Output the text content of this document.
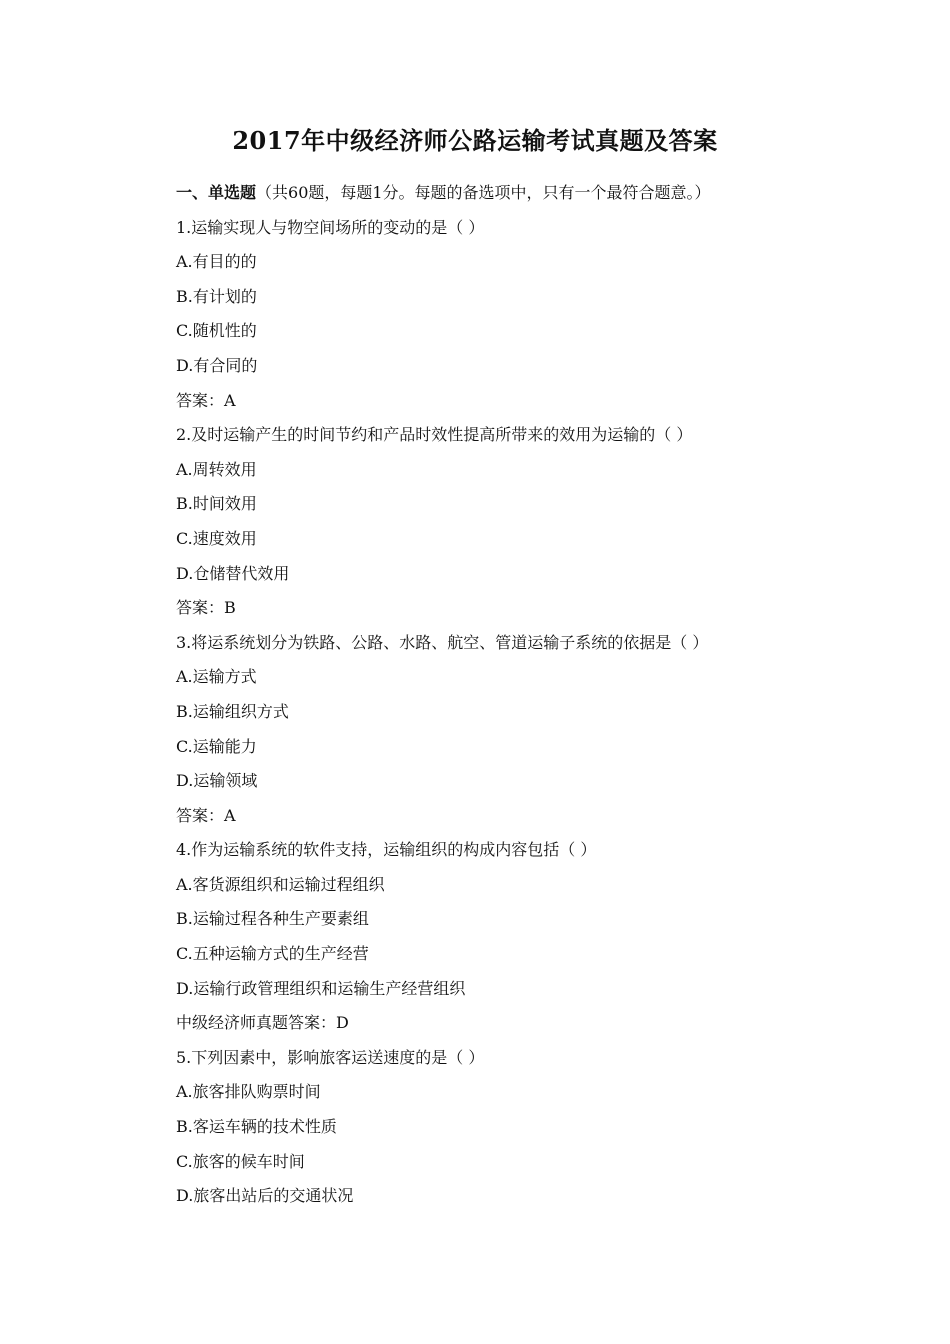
2017年中级经济师公路运输考试真题及答案
一、单选题（共60题，每题1分。每题的备选项中，只有一个最符合题意。）
1.运输实现人与物空间场所的变动的是（ ）
A.有目的的
B.有计划的
C.随机性的
D.有合同的
答案：A
2.及时运输产生的时间节约和产品时效性提高所带来的效用为运输的（ ）
A.周转效用
B.时间效用
C.速度效用
D.仓储替代效用
答案：B
3.将运系统划分为铁路、公路、水路、航空、管道运输子系统的依据是（ ）
A.运输方式
B.运输组织方式
C.运输能力
D.运输领域
答案：A
4.作为运输系统的软件支持，运输组织的构成内容包括（ ）
A.客货源组织和运输过程组织
B.运输过程各种生产要素组
C.五种运输方式的生产经营
D.运输行政管理组织和运输生产经营组织
中级经济师真题答案：D
5.下列因素中，影响旅客运送速度的是（ ）
A.旅客排队购票时间
B.客运车辆的技术性质
C.旅客的候车时间
D.旅客出站后的交通状况
